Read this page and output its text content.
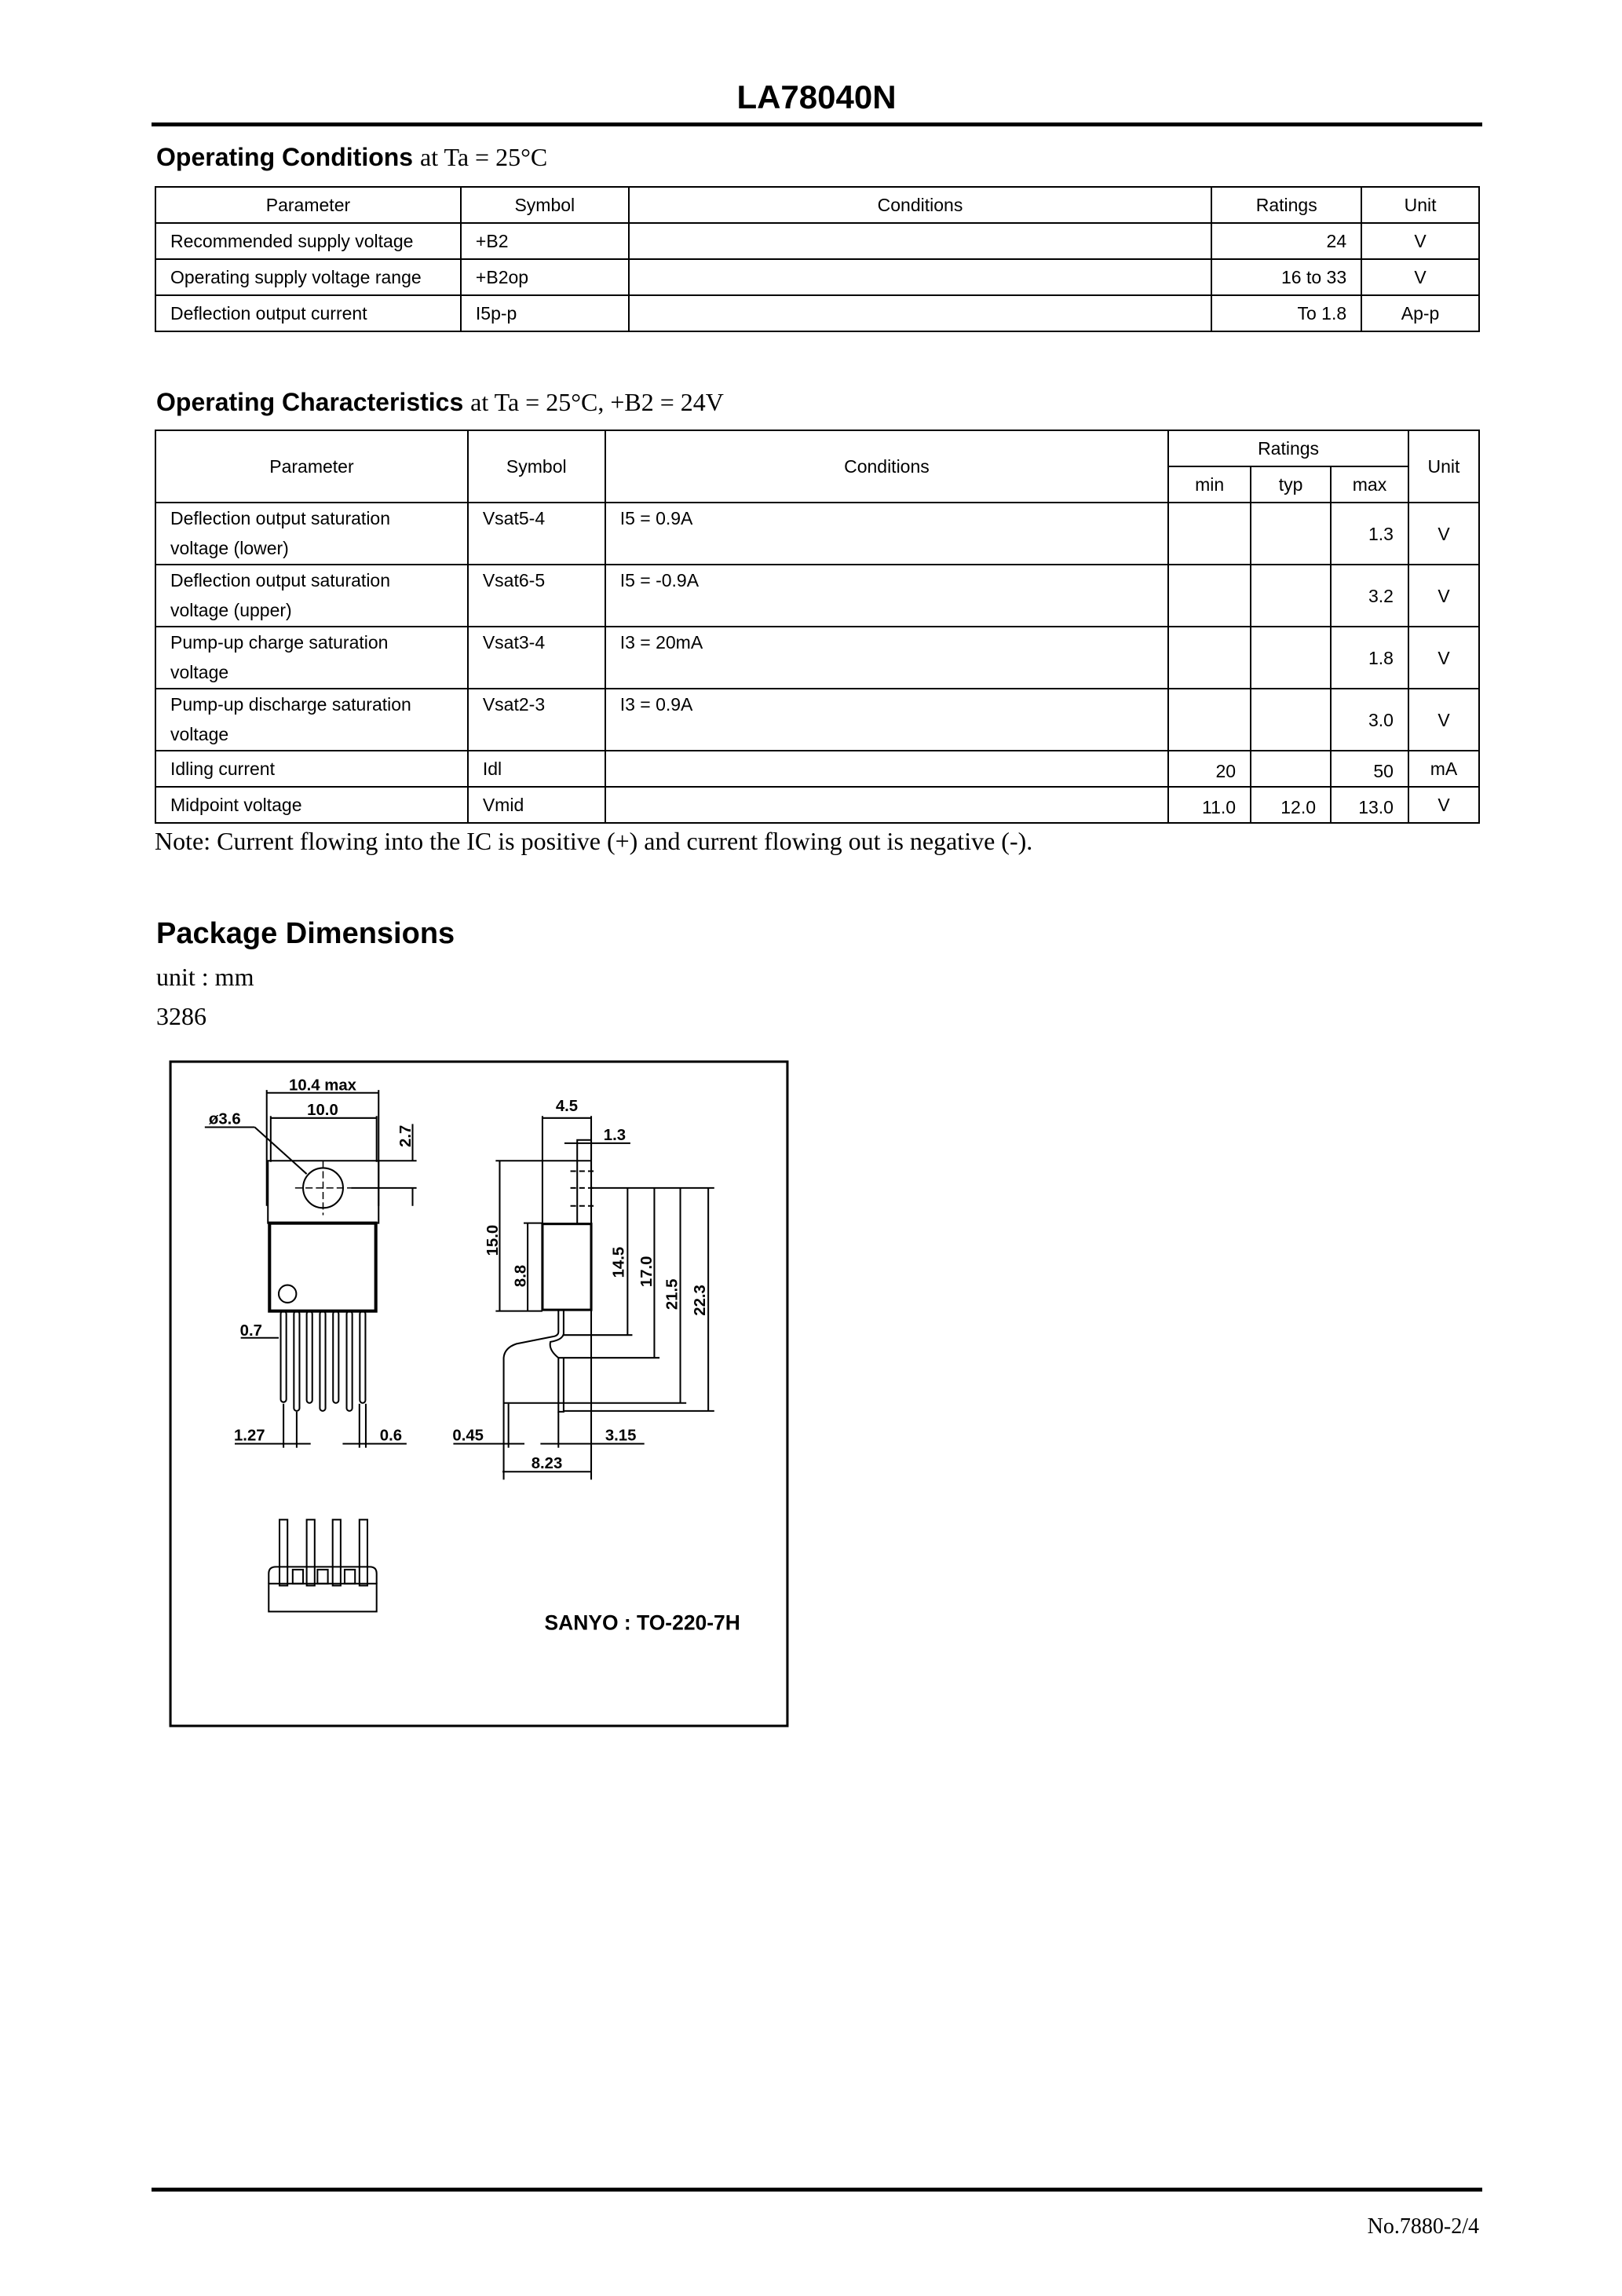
LA78040N
Operating Conditions at Ta = 25°C
Parameter	Symbol	Conditions	Ratings	Unit
Recommended supply voltage	+B2		24	V
Operating supply voltage range	+B2op		16 to 33	V
Deflection output current	I5p-p		To 1.8	Ap-p
Operating Characteristics at Ta = 25°C, +B2 = 24V
Parameter	Symbol	Conditions	Ratings			Unit
			min	typ	max	

Deflection output saturation
voltage (lower)	Vsat5-4	I5 = 0.9A			1.3	V

Deflection output saturation
voltage (upper)	Vsat6-5	I5 = -0.9A			3.2	V

Pump-up charge saturation
voltage	Vsat3-4	I3 = 20mA			1.8	V

Pump-up discharge saturation
voltage	Vsat2-3	I3 = 0.9A			3.0	V

Idling current	Idl		20		50	mA

Midpoint voltage	Vmid		11.0	12.0	13.0	V
Note: Current flowing into the IC is positive (+) and current flowing out is negative (-).
Package Dimensions
unit : mm
3286
10.4 max
10.0
ø3.6
2.7
0.7
1.27	0.6
4.5
1.3
15.0
8.8	14.5 17.0
21.5 22.3
0.45	3.15
8.23
SANYO : TO-220-7H
No.7880-2/4
